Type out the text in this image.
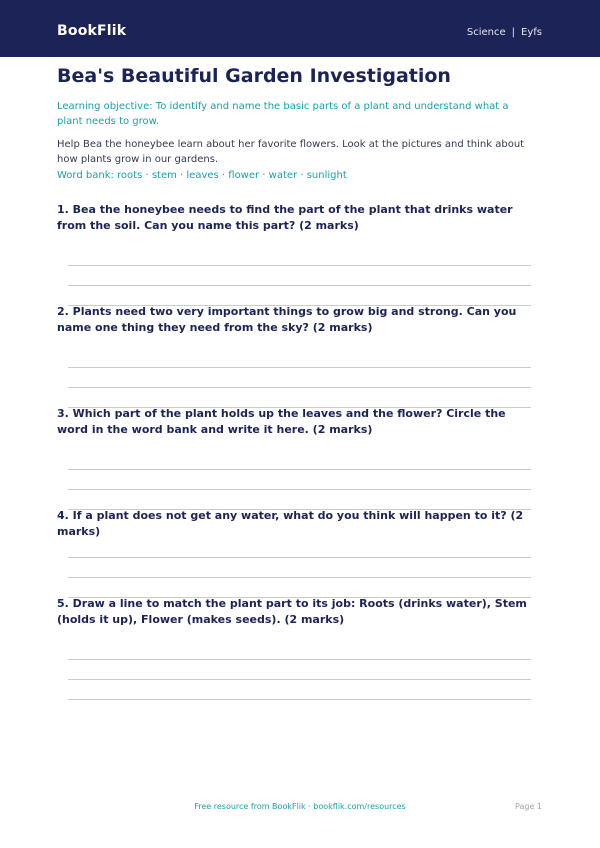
BookFlik	Science | Eyfs
Bea's Beautiful Garden Investigation
Learning objective: To identify and name the basic parts of a plant and understand what a plant needs to grow.
Help Bea the honeybee learn about her favorite flowers. Look at the pictures and think about how plants grow in our gardens.
Word bank: roots · stem · leaves · flower · water · sunlight
1. Bea the honeybee needs to find the part of the plant that drinks water from the soil. Can you name this part? (2 marks)
2. Plants need two very important things to grow big and strong. Can you name one thing they need from the sky? (2 marks)
3. Which part of the plant holds up the leaves and the flower? Circle the word in the word bank and write it here. (2 marks)
4. If a plant does not get any water, what do you think will happen to it? (2 marks)
5. Draw a line to match the plant part to its job: Roots (drinks water), Stem (holds it up), Flower (makes seeds). (2 marks)
Free resource from BookFlik · bookflik.com/resources	Page 1
